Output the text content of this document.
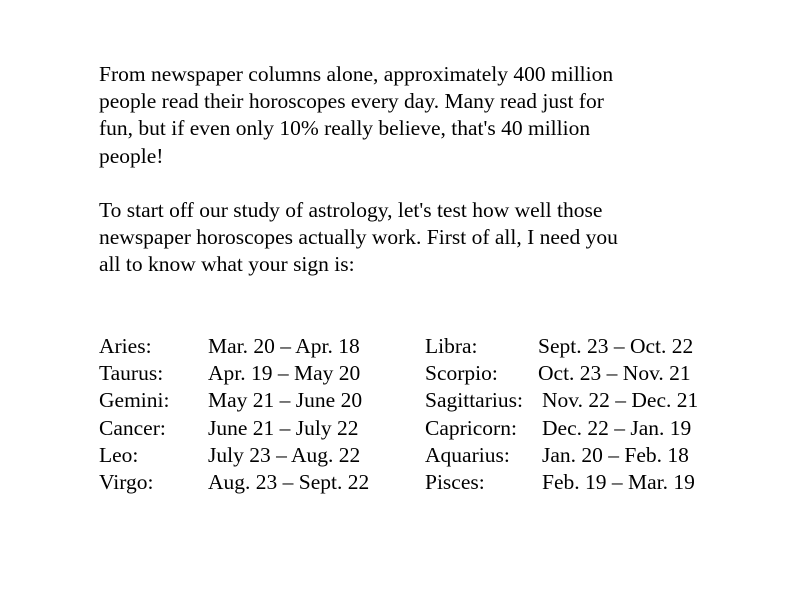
From newspaper columns alone, approximately 400 million
people read their horoscopes every day. Many read just for
fun, but if even only 10% really believe, that's 40 million
people!

To start off our study of astrology, let's test how well those
newspaper horoscopes actually work. First of all, I need you
all to know what your sign is:

Aries:	Mar. 20 – Apr. 18	Libra:	Sept. 23 – Oct. 22
Taurus: Apr. 19 – May 20	Scorpio: Oct. 23 – Nov. 21
Gemini: May 21 – June 20	Sagittarius: Nov. 22 – Dec. 21
Cancer: June 21 – July 22	Capricorn: Dec. 22 – Jan. 19
Leo:	July 23 – Aug. 22	Aquarius: Jan. 20 – Feb. 18
Virgo:	Aug. 23 – Sept. 22	Pisces:	Feb. 19 – Mar. 19
